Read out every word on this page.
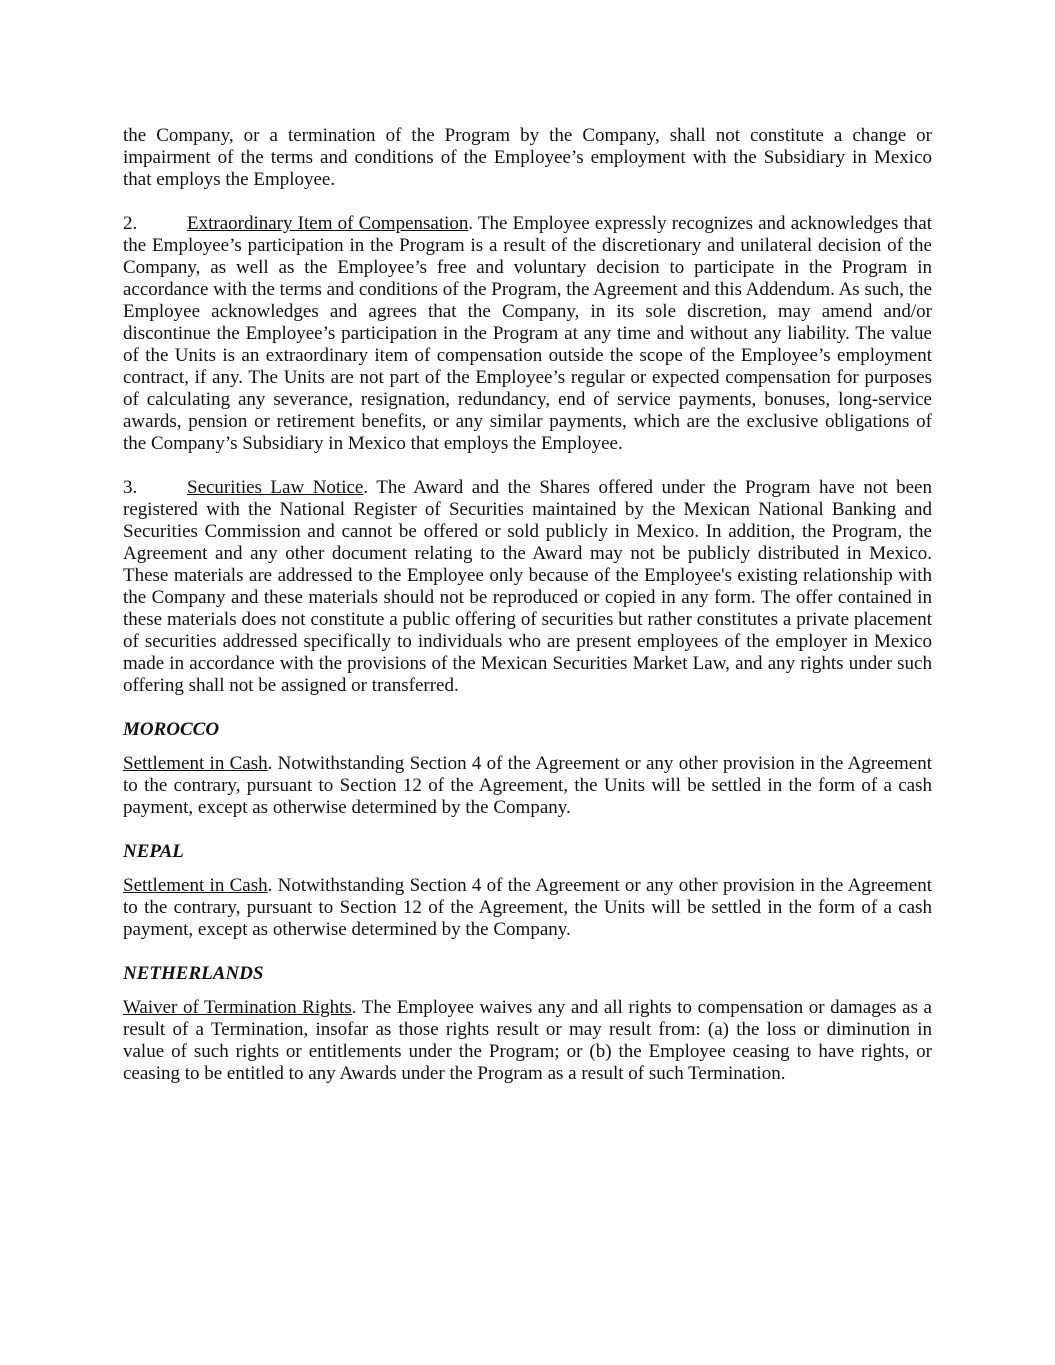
the Company, or a termination of the Program by the Company, shall not constitute a change or impairment of the terms and conditions of the Employee’s employment with the Subsidiary in Mexico that employs the Employee.

2.	Extraordinary Item of Compensation. The Employee expressly recognizes and acknowledges that the Employee’s participation in the Program is a result of the discretionary and unilateral decision of the Company, as well as the Employee’s free and voluntary decision to participate in the Program in accordance with the terms and conditions of the Program, the Agreement and this Addendum. As such, the Employee acknowledges and agrees that the Company, in its sole discretion, may amend and/or discontinue the Employee’s participation in the Program at any time and without any liability. The value of the Units is an extraordinary item of compensation outside the scope of the Employee’s employment contract, if any. The Units are not part of the Employee’s regular or expected compensation for purposes of calculating any severance, resignation, redundancy, end of service payments, bonuses, long-service awards, pension or retirement benefits, or any similar payments, which are the exclusive obligations of the Company’s Subsidiary in Mexico that employs the Employee.

3.	Securities Law Notice. The Award and the Shares offered under the Program have not been registered with the National Register of Securities maintained by the Mexican National Banking and Securities Commission and cannot be offered or sold publicly in Mexico. In addition, the Program, the Agreement and any other document relating to the Award may not be publicly distributed in Mexico. These materials are addressed to the Employee only because of the Employee's existing relationship with the Company and these materials should not be reproduced or copied in any form. The offer contained in these materials does not constitute a public offering of securities but rather constitutes a private placement of securities addressed specifically to individuals who are present employees of the employer in Mexico made in accordance with the provisions of the Mexican Securities Market Law, and any rights under such offering shall not be assigned or transferred.

MOROCCO

Settlement in Cash. Notwithstanding Section 4 of the Agreement or any other provision in the Agreement to the contrary, pursuant to Section 12 of the Agreement, the Units will be settled in the form of a cash payment, except as otherwise determined by the Company.

NEPAL

Settlement in Cash. Notwithstanding Section 4 of the Agreement or any other provision in the Agreement to the contrary, pursuant to Section 12 of the Agreement, the Units will be settled in the form of a cash payment, except as otherwise determined by the Company.

NETHERLANDS

Waiver of Termination Rights. The Employee waives any and all rights to compensation or damages as a result of a Termination, insofar as those rights result or may result from: (a) the loss or diminution in value of such rights or entitlements under the Program; or (b) the Employee ceasing to have rights, or ceasing to be entitled to any Awards under the Program as a result of such Termination.
